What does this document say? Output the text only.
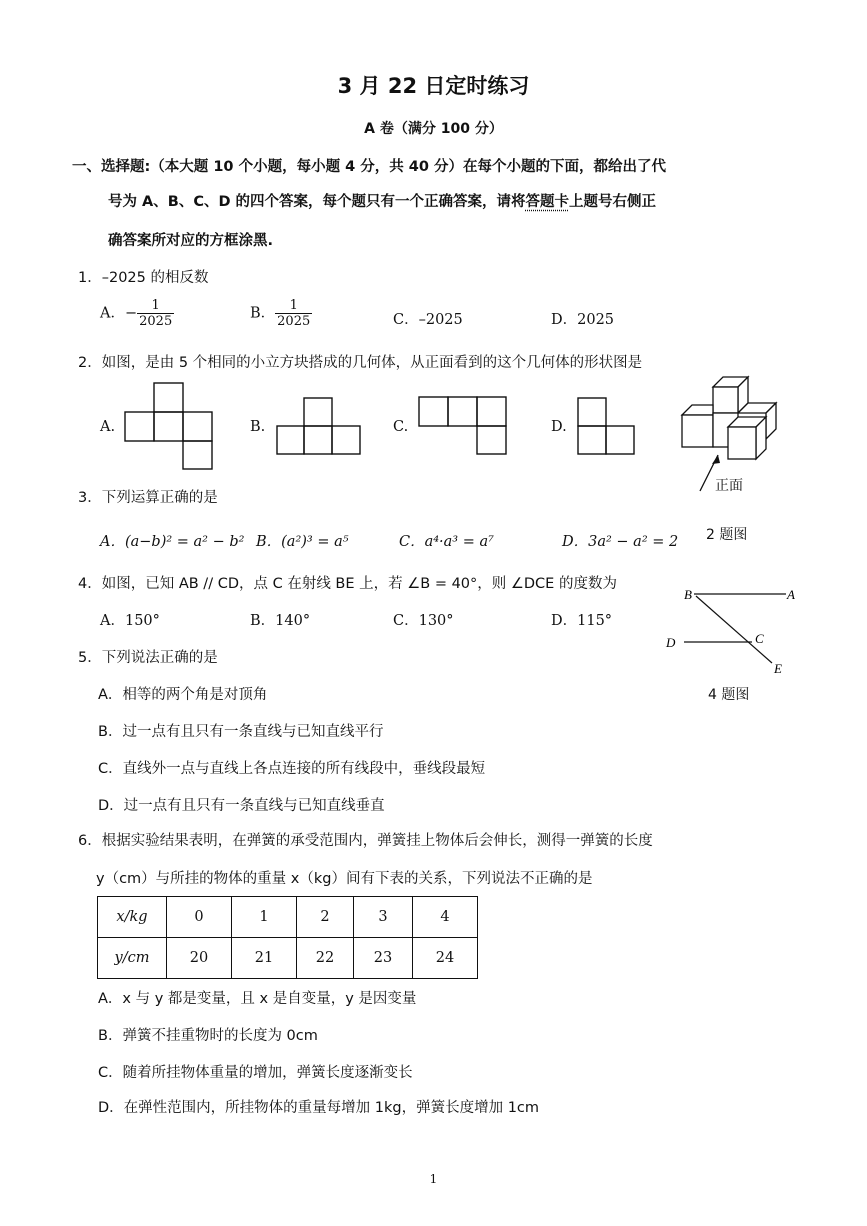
3 月 22 日定时练习
A 卷（满分 100 分）
一、选择题:（本大题 10 个小题，每小题 4 分，共 40 分）在每个小题的下面，都给出了代
号为 A、B、C、D 的四个答案，每个题只有一个正确答案，请将答题卡上题号右侧正
确答案所对应的方框涂黑.
1．–2025 的相反数
A．− $\frac{1}{2025}$	B． $\frac{1}{2025}$	C．–2025	D．2025
2．如图，是由 5 个相同的小立方块搭成的几何体，从正面看到的这个几何体的形状图是
A.	B.	C.	D.
正面
2 题图
3．下列运算正确的是
A．(a−b)² = a² − b² B．(a²)³ = a⁵	C．a⁴·a³ = a⁷	D．3a² − a² = 2
4．如图，已知 AB // CD，点 C 在射线 BE 上，若 ∠B = 40°，则 ∠DCE 的度数为
A．150°	B．140°	C．130°	D．115°
B	A
D	C
E
4 题图
5．下列说法正确的是
A．相等的两个角是对顶角
B．过一点有且只有一条直线与已知直线平行
C．直线外一点与直线上各点连接的所有线段中，垂线段最短
D．过一点有且只有一条直线与已知直线垂直
6．根据实验结果表明，在弹簧的承受范围内，弹簧挂上物体后会伸长，测得一弹簧的长度
y（cm）与所挂的物体的重量 x（kg）间有下表的关系，下列说法不正确的是
x/kg	0	1	2	3	4
y/cm	20	21	22	23	24
A．x 与 y 都是变量，且 x 是自变量，y 是因变量
B．弹簧不挂重物时的长度为 0cm
C．随着所挂物体重量的增加，弹簧长度逐渐变长
D．在弹性范围内，所挂物体的重量每增加 1kg，弹簧长度增加 1cm
1
